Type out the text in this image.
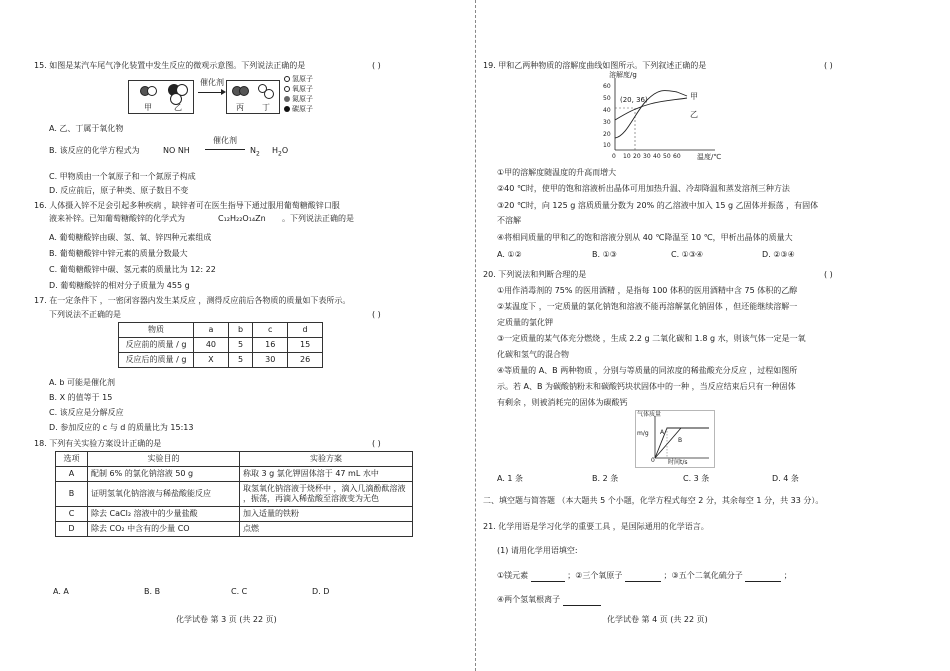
15. 如图是某汽车尾气净化装置中发生反应的微观示意图。下列说法正确的是	( )
甲	乙
催化剂
丙 丁
氢原子
氧原子
氮原子
碳原子
A. 乙、丁属于氧化物
B. 该反应的化学方程式为	NO NH
催化剂
$N_2$ $H_2O$
C. 甲物质由一个氧原子和一个氮原子构成
D. 反应前后，原子种类、原子数目不变
16. 人体摄入锌不足会引起多种疾病 ，缺锌者可在医生指导下通过服用葡萄糖酸锌口服
液来补锌。已知葡萄糖酸锌的化学式为	C₁₂H₂₂O₁₄Zn 。下列说法正确的是
A. 葡萄糖酸锌由碳、氢、氧、锌四种元素组成
B. 葡萄糖酸锌中锌元素的质量分数最大
C. 葡萄糖酸锌中碳、氢元素的质量比为 12: 22
D. 葡萄糖酸锌的相对分子质量为 455 g
17. 在一定条件下 ，一密闭容器内发生某反应 ，测得反应前后各物质的质量如下表所示。
下列说法不正确的是	( )
物质	a	b	c	d
反应前的质量 / g	40	5	16	15
反应后的质量 / g	X	5	30	26
A. b 可能是催化剂
B. X 的值等于 15
C. 该反应是分解反应
D. 参加反应的 c 与 d 的质量比为 15:13
18. 下列有关实验方案设计正确的是	( )
选项	实验目的	实验方案
A	配制 6% 的氯化钠溶液 50 g	称取 3 g 氯化钾固体溶于 47 mL 水中
B	证明氢氧化钠溶液与稀盐酸能反应	取氢氧化钠溶液于烧杯中 ，滴入几滴酚酞溶液 ，振荡，再滴入稀盐酸至溶液变为无色
C	除去 CaCl₂ 溶液中的少量盐酸	加入适量的铁粉
D	除去 CO₂ 中含有的少量 CO	点燃
A. A	B. B	C. C	D. D
化学试卷 第 3 页 (共 22 页)
19. 甲和乙两种物质的溶解度曲线如图所示。下列叙述正确的是	( )
溶解度/g
(20, 36)	甲
乙
温度/℃
60
50
40
30
20
10
0 10 20 30 40 50 60
①甲的溶解度随温度的升高而增大
②40 ℃时，使甲的饱和溶液析出晶体可用加热升温、冷却降温和蒸发溶剂三种方法
③20 ℃时，向 125 g 溶质质量分数为 20% 的乙溶液中加入 15 g 乙固体并振荡 ，有固体
不溶解
④将相同质量的甲和乙的饱和溶液分别从 40 ℃降温至 10 ℃，甲析出晶体的质量大
A. ①②	B. ①③	C. ①③④	D. ②③④
20. 下列说法和判断合理的是	( )
①用作消毒剂的 75% 的医用酒精 ，是指每 100 体积的医用酒精中含 75 体积的乙醇
②某温度下 ，一定质量的氯化钠饱和溶液不能再溶解氯化钠固体 ，但还能继续溶解一
定质量的氯化钾
③一定质量的某气体充分燃烧 ，生成 2.2 g 二氧化碳和 1.8 g 水，则该气体一定是一氧
化碳和氢气的混合物
④等质量的 A、B 两种物质 ，分别与等质量的同浓度的稀盐酸充分反应 ，过程如图所
示。若 A、B 为碳酸钠粉末和碳酸钙块状固体中的一种 ，当反应结束后只有一种固体
有剩余 ，则被消耗完的固体为碳酸钙
气体质量
m/g A
B
0 时间t/s
A. 1 条	B. 2 条	C. 3 条	D. 4 条
二、填空题与简答题 （本大题共 5 个小题，化学方程式每空 2 分，其余每空 1 分，共 33 分）。
21. 化学用语是学习化学的重要工具 ，是国际通用的化学语言。
(1) 请用化学用语填空:
①镁元素	；②三个氧原子	；③五个二氧化硫分子	；
④两个氢氧根离子
化学试卷 第 4 页 (共 22 页)
